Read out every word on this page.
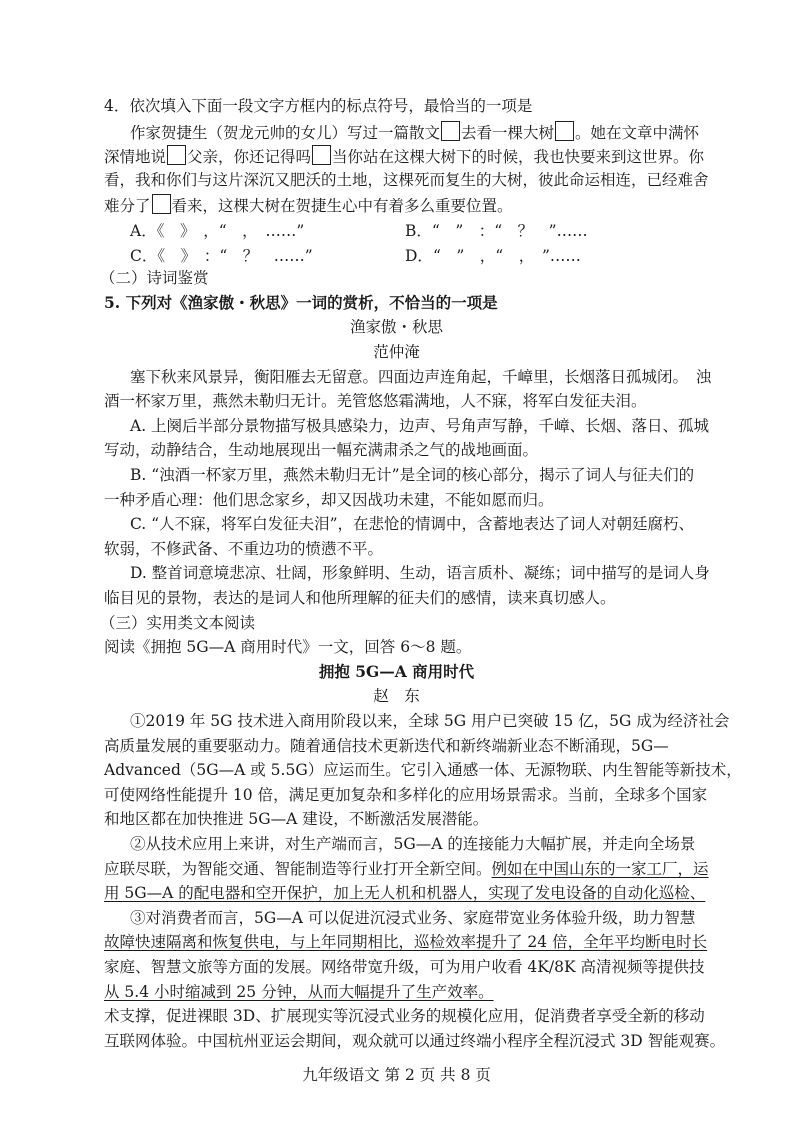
4．依次填入下面一段文字方框内的标点符号，最恰当的一项是
作家贺捷生（贺龙元帅的女儿）写过一篇散文 去看一棵大树 。她在文章中满怀
深情地说 父亲，你还记得吗 当你站在这棵大树下的时候，我也快要来到这世界。你
看，我和你们与这片深沉又肥沃的土地，这棵死而复生的大树，彼此命运相连，已经难舍
难分了 看来，这棵大树在贺捷生心中有着多么重要位置。
A．《　》　，“　，　……”	B．“　”　：“　？　”……
C．《　》　：“　？　……”	D．“　”　，“　，　”……
（二）诗词鉴赏
5. 下列对《渔家傲・秋思》一词的赏析，不恰当的一项是
渔家傲・秋思
范仲淹
塞下秋来风景异，衡阳雁去无留意。四面边声连角起，千嶂里，长烟落日孤城闭。　浊
酒一杯家万里，燕然未勒归无计。羌管悠悠霜满地，人不寐，将军白发征夫泪。
A. 上阕后半部分景物描写极具感染力，边声、号角声写静，千嶂、长烟、落日、孤城
写动，动静结合，生动地展现出一幅充满肃杀之气的战地画面。
B. “浊酒一杯家万里，燕然未勒归无计”是全词的核心部分，揭示了词人与征夫们的
一种矛盾心理：他们思念家乡，却又因战功未建，不能如愿而归。
C. “人不寐，将军白发征夫泪”，在悲怆的情调中，含蓄地表达了词人对朝廷腐朽、
软弱，不修武备、不重边功的愤懑不平。
D. 整首词意境悲凉、壮阔，形象鲜明、生动，语言质朴、凝练；词中描写的是词人身
临目见的景物，表达的是词人和他所理解的征夫们的感情，读来真切感人。
（三）实用类文本阅读
阅读《拥抱 5G—A 商用时代》一文，回答 6～8 题。
拥抱 5G—A 商用时代
赵　东
①2019 年 5G 技术进入商用阶段以来，全球 5G 用户已突破 15 亿，5G 成为经济社会
高质量发展的重要驱动力。随着通信技术更新迭代和新终端新业态不断涌现，5G—
Advanced（5G—A 或 5.5G）应运而生。它引入通感一体、无源物联、内生智能等新技术，
可使网络性能提升 10 倍，满足更加复杂和多样化的应用场景需求。当前，全球多个国家
和地区都在加快推进 5G—A 建设，不断激活发展潜能。
②从技术应用上来讲，对生产端而言，5G—A 的连接能力大幅扩展，并走向全场景
应联尽联，为智能交通、智能制造等行业打开全新空间。例如在中国山东的一家工厂，运
用 5G—A 的配电器和空开保护，加上无人机和机器人，实现了发电设备的自动化巡检、
故障快速隔离和恢复供电，与上年同期相比，巡检效率提升了 24 倍，全年平均断电时长
从 5.4 小时缩减到 25 分钟，从而大幅提升了生产效率。
九年级语文 第 2 页 共 8 页
③对消费者而言，5G—A 可以促进沉浸式业务、家庭带宽业务体验升级，助力智慧
家庭、智慧文旅等方面的发展。网络带宽升级，可为用户收看 4K/8K 高清视频等提供技
术支撑，促进裸眼 3D、扩展现实等沉浸式业务的规模化应用，促消费者享受全新的移动
互联网体验。中国杭州亚运会期间，观众就可以通过终端小程序全程沉浸式 3D 智能观赛。
